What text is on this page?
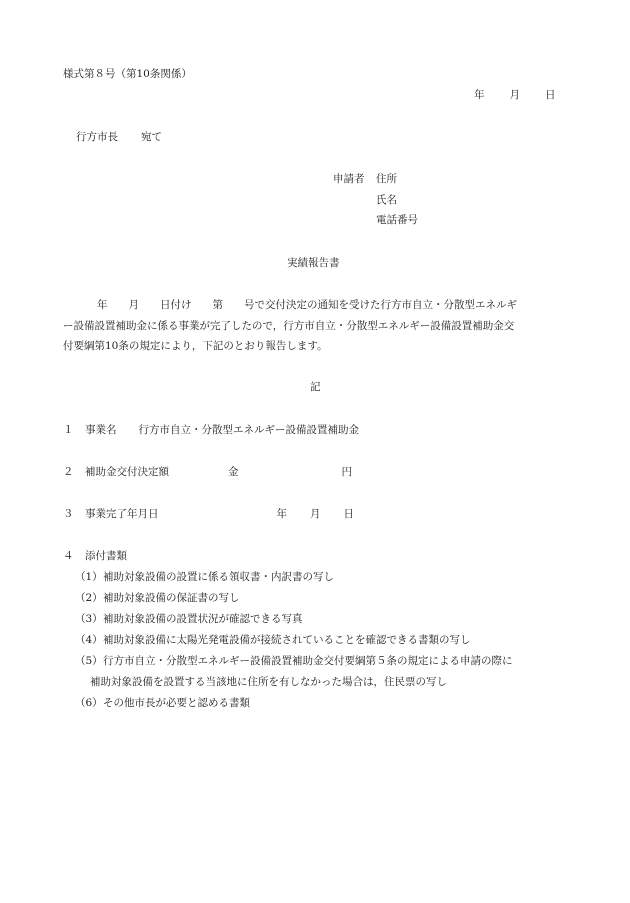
様式第８号（第10条関係）
年 月 日
行方市長 宛て
申請者 住所
氏名
電話番号
実績報告書
年　　月　　日付け　　第　　号で交付決定の通知を受けた行方市自立・分散型エネルギ
ー設備設置補助金に係る事業が完了したので，行方市自立・分散型エネルギー設備設置補助金交
付要綱第10条の規定により，下記のとおり報告します。
記
１ 事業名 行方市自立・分散型エネルギー設備設置補助金
２ 補助金交付決定額	金	円
３ 事業完了年月日	年 月 日
４ 添付書類
（1）補助対象設備の設置に係る領収書・内訳書の写し
（2）補助対象設備の保証書の写し
（3）補助対象設備の設置状況が確認できる写真
（4）補助対象設備に太陽光発電設備が接続されていることを確認できる書類の写し
（5）行方市自立・分散型エネルギー設備設置補助金交付要綱第５条の規定による申請の際に
補助対象設備を設置する当該地に住所を有しなかった場合は，住民票の写し
（6）その他市長が必要と認める書類
